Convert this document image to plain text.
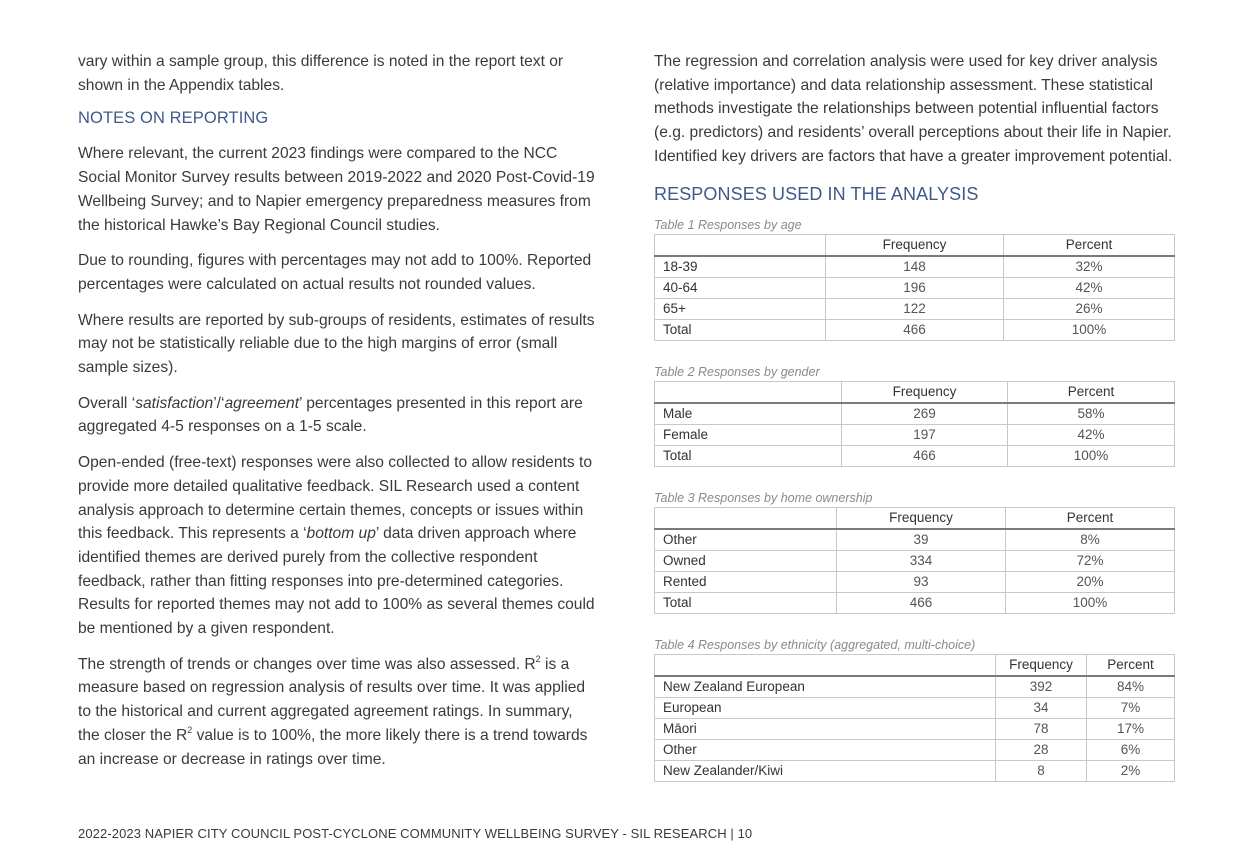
vary within a sample group, this difference is noted in the report text or shown in the Appendix tables.

NOTES ON REPORTING

Where relevant, the current 2023 findings were compared to the NCC Social Monitor Survey results between 2019-2022 and 2020 Post-Covid-19 Wellbeing Survey; and to Napier emergency preparedness measures from the historical Hawke’s Bay Regional Council studies.

Due to rounding, figures with percentages may not add to 100%. Reported percentages were calculated on actual results not rounded values.

Where results are reported by sub-groups of residents, estimates of results may not be statistically reliable due to the high margins of error (small sample sizes).

Overall ‘satisfaction’/‘agreement’ percentages presented in this report are aggregated 4-5 responses on a 1-5 scale.

Open-ended (free-text) responses were also collected to allow residents to provide more detailed qualitative feedback. SIL Research used a content analysis approach to determine certain themes, concepts or issues within this feedback. This represents a ‘bottom up’ data driven approach where identified themes are derived purely from the collective respondent feedback, rather than fitting responses into pre-determined categories. Results for reported themes may not add to 100% as several themes could be mentioned by a given respondent.

The strength of trends or changes over time was also assessed. $R^2$ is a measure based on regression analysis of results over time. It was applied to the historical and current aggregated agreement ratings. In summary, the closer the $R^2$ value is to 100%, the more likely there is a trend towards an increase or decrease in ratings over time.

The regression and correlation analysis were used for key driver analysis (relative importance) and data relationship assessment. These statistical methods investigate the relationships between potential influential factors (e.g. predictors) and residents’ overall perceptions about their life in Napier. Identified key drivers are factors that have a greater improvement potential.

RESPONSES USED IN THE ANALYSIS
Table 1 Responses by age
	Frequency	Percent
18-39	148	32%
40-64	196	42%
65+	122	26%
Total	466	100%
Table 2 Responses by gender
	Frequency	Percent
Male	269	58%
Female	197	42%
Total	466	100%
Table 3 Responses by home ownership
	Frequency	Percent
Other	39	8%
Owned	334	72%
Rented	93	20%
Total	466	100%
Table 4 Responses by ethnicity (aggregated, multi-choice)
	Frequency	Percent
New Zealand European	392	84%
European	34	7%
Māori	78	17%
Other	28	6%
New Zealander/Kiwi	8	2%
2022-2023 NAPIER CITY COUNCIL POST-CYCLONE COMMUNITY WELLBEING SURVEY - SIL RESEARCH | 10
